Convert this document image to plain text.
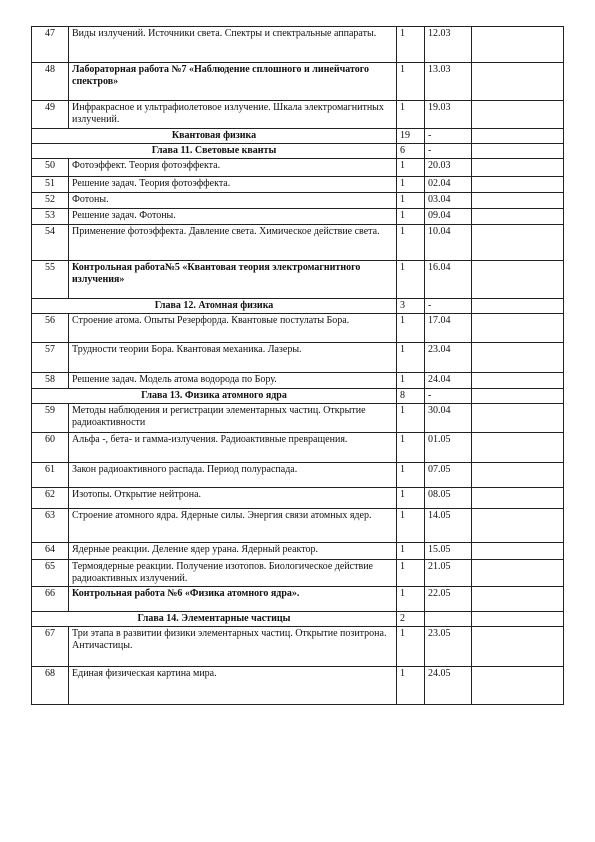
47	Виды излучений. Источники света. Спектры и спектральные аппараты.	1	12.03	
48	Лабораторная работа №7 «Наблюдение сплошного и линейчатого спектров»	1	13.03	
49	Инфракрасное и ультрафиолетовое излучение. Шкала электромагнитных излучений.	1	19.03	
Квантовая физика		19	-	
Глава 11. Световые кванты		6	-	
50	Фотоэффект. Теория фотоэффекта.	1	20.03	
51	Решение задач. Теория фотоэффекта.	1	02.04	
52	Фотоны.	1	03.04	
53	Решение задач. Фотоны.	1	09.04	
54	Применение фотоэффекта. Давление света. Химическое действие света.	1	10.04	
55	Контрольная работа№5 «Квантовая теория электромагнитного излучения»	1	16.04	
Глава 12. Атомная физика		3	-	
56	Строение атома. Опыты Резерфорда. Квантовые постулаты Бора.	1	17.04	
57	Трудности теории Бора. Квантовая механика. Лазеры.	1	23.04	
58	Решение задач. Модель атома водорода по Бору.	1	24.04	
Глава 13. Физика атомного ядра		8	-	
59	Методы наблюдения и регистрации элементарных частиц. Открытие радиоактивности	1	30.04	
60	Альфа -, бета- и гамма-излучения. Радиоактивные превращения.	1	01.05	
61	Закон радиоактивного распада. Период полураспада.	1	07.05	
62	Изотопы. Открытие нейтрона.	1	08.05	
63	Строение атомного ядра. Ядерные силы. Энергия связи атомных ядер.	1	14.05	
64	Ядерные реакции. Деление ядер урана. Ядерный реактор.	1	15.05	
65	Термоядерные реакции. Получение изотопов. Биологическое действие радиоактивных излучений.	1	21.05	
66	Контрольная работа №6 «Физика атомного ядра».	1	22.05	
Глава 14. Элементарные частицы		2		
67	Три этапа в развитии физики элементарных частиц. Открытие позитрона. Античастицы.	1	23.05	
68	Единая физическая картина мира.	1	24.05	
